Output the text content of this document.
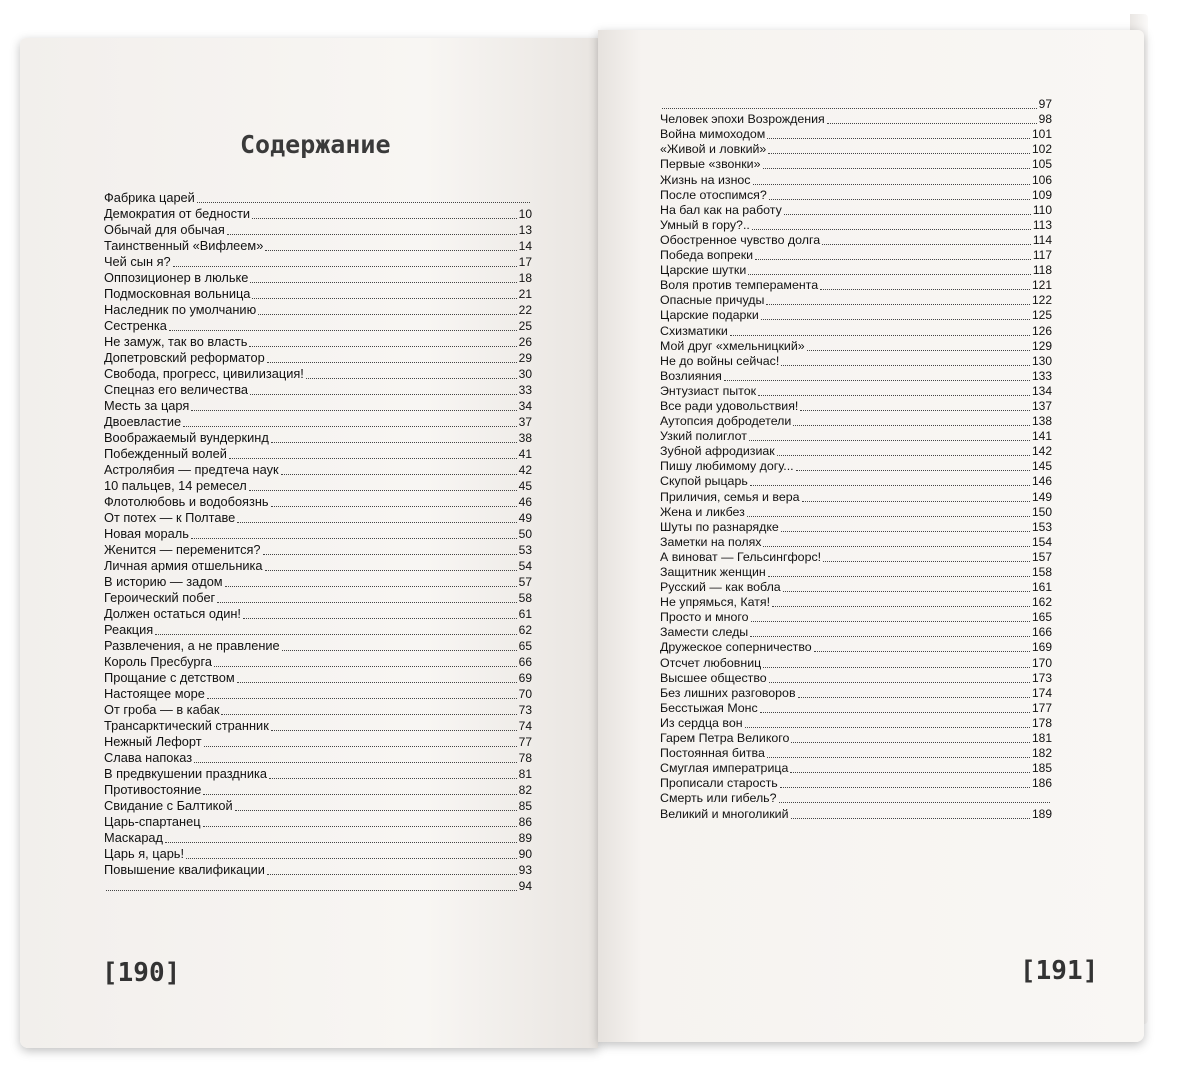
Содержание
Фабрика царей
Демократия от бедности	10
Обычай для обычая	13
Таинственный «Вифлеем»	14
Чей сын я?	17
Оппозиционер в люльке	18
Подмосковная вольница	21
Наследник по умолчанию	22
Сестренка	25
Не замуж, так во власть	26
Допетровский реформатор	29
Свобода, прогресс, цивилизация!	30
Спецназ его величества	33
Месть за царя	34
Двоевластие	37
Воображаемый вундеркинд	38
Побежденный волей	41
Астролябия — предтеча наук	42
10 пальцев, 14 ремесел	45
Флотолюбовь и водобоязнь	46
От потех — к Полтаве	49
Новая мораль	50
Женится — переменится?	53
Личная армия отшельника	54
В историю — задом	57
Героический побег	58
Должен остаться один!	61
Реакция	62
Развлечения, а не правление	65
Король Пресбурга	66
Прощание с детством	69
Настоящее море	70
От гроба — в кабак	73
Трансарктический странник	74
Нежный Лефорт	77
Слава напоказ	78
В предвкушении праздника	81
Противостояние	82
Свидание с Балтикой	85
Царь-спартанец	86
Маскарад	89
Царь я, царь!	90
Повышение квалификации	93
94
97
Человек эпохи Возрождения	98
Война мимоходом	101
«Живой и ловкий»	102
Первые «звонки»	105
Жизнь на износ	106
После отоспимся?	109
На бал как на работу	110
Умный в гору?..	113
Обостренное чувство долга	114
Победа вопреки	117
Царские шутки	118
Воля против темперамента	121
Опасные причуды	122
Царские подарки	125
Схизматики	126
Мой друг «хмельницкий»	129
Не до войны сейчас!	130
Возлияния	133
Энтузиаст пыток	134
Все ради удовольствия!	137
Аутопсия добродетели	138
Узкий полиглот	141
Зубной афродизиак	142
Пишу любимому догу...	145
Скупой рыцарь	146
Приличия, семья и вера	149
Жена и ликбез	150
Шуты по разнарядке	153
Заметки на полях	154
А виноват — Гельсингфорс!	157
Защитник женщин	158
Русский — как вобла	161
Не упрямься, Катя!	162
Просто и много	165
Замести следы	166
Дружеское соперничество	169
Отсчет любовниц	170
Высшее общество	173
Без лишних разговоров	174
Бесстыжая Монс	177
Из сердца вон	178
Гарем Петра Великого	181
Постоянная битва	182
Смуглая императрица	185
Прописали старость	186
Смерть или гибель?
Великий и многоликий	189
[190]	[191]
